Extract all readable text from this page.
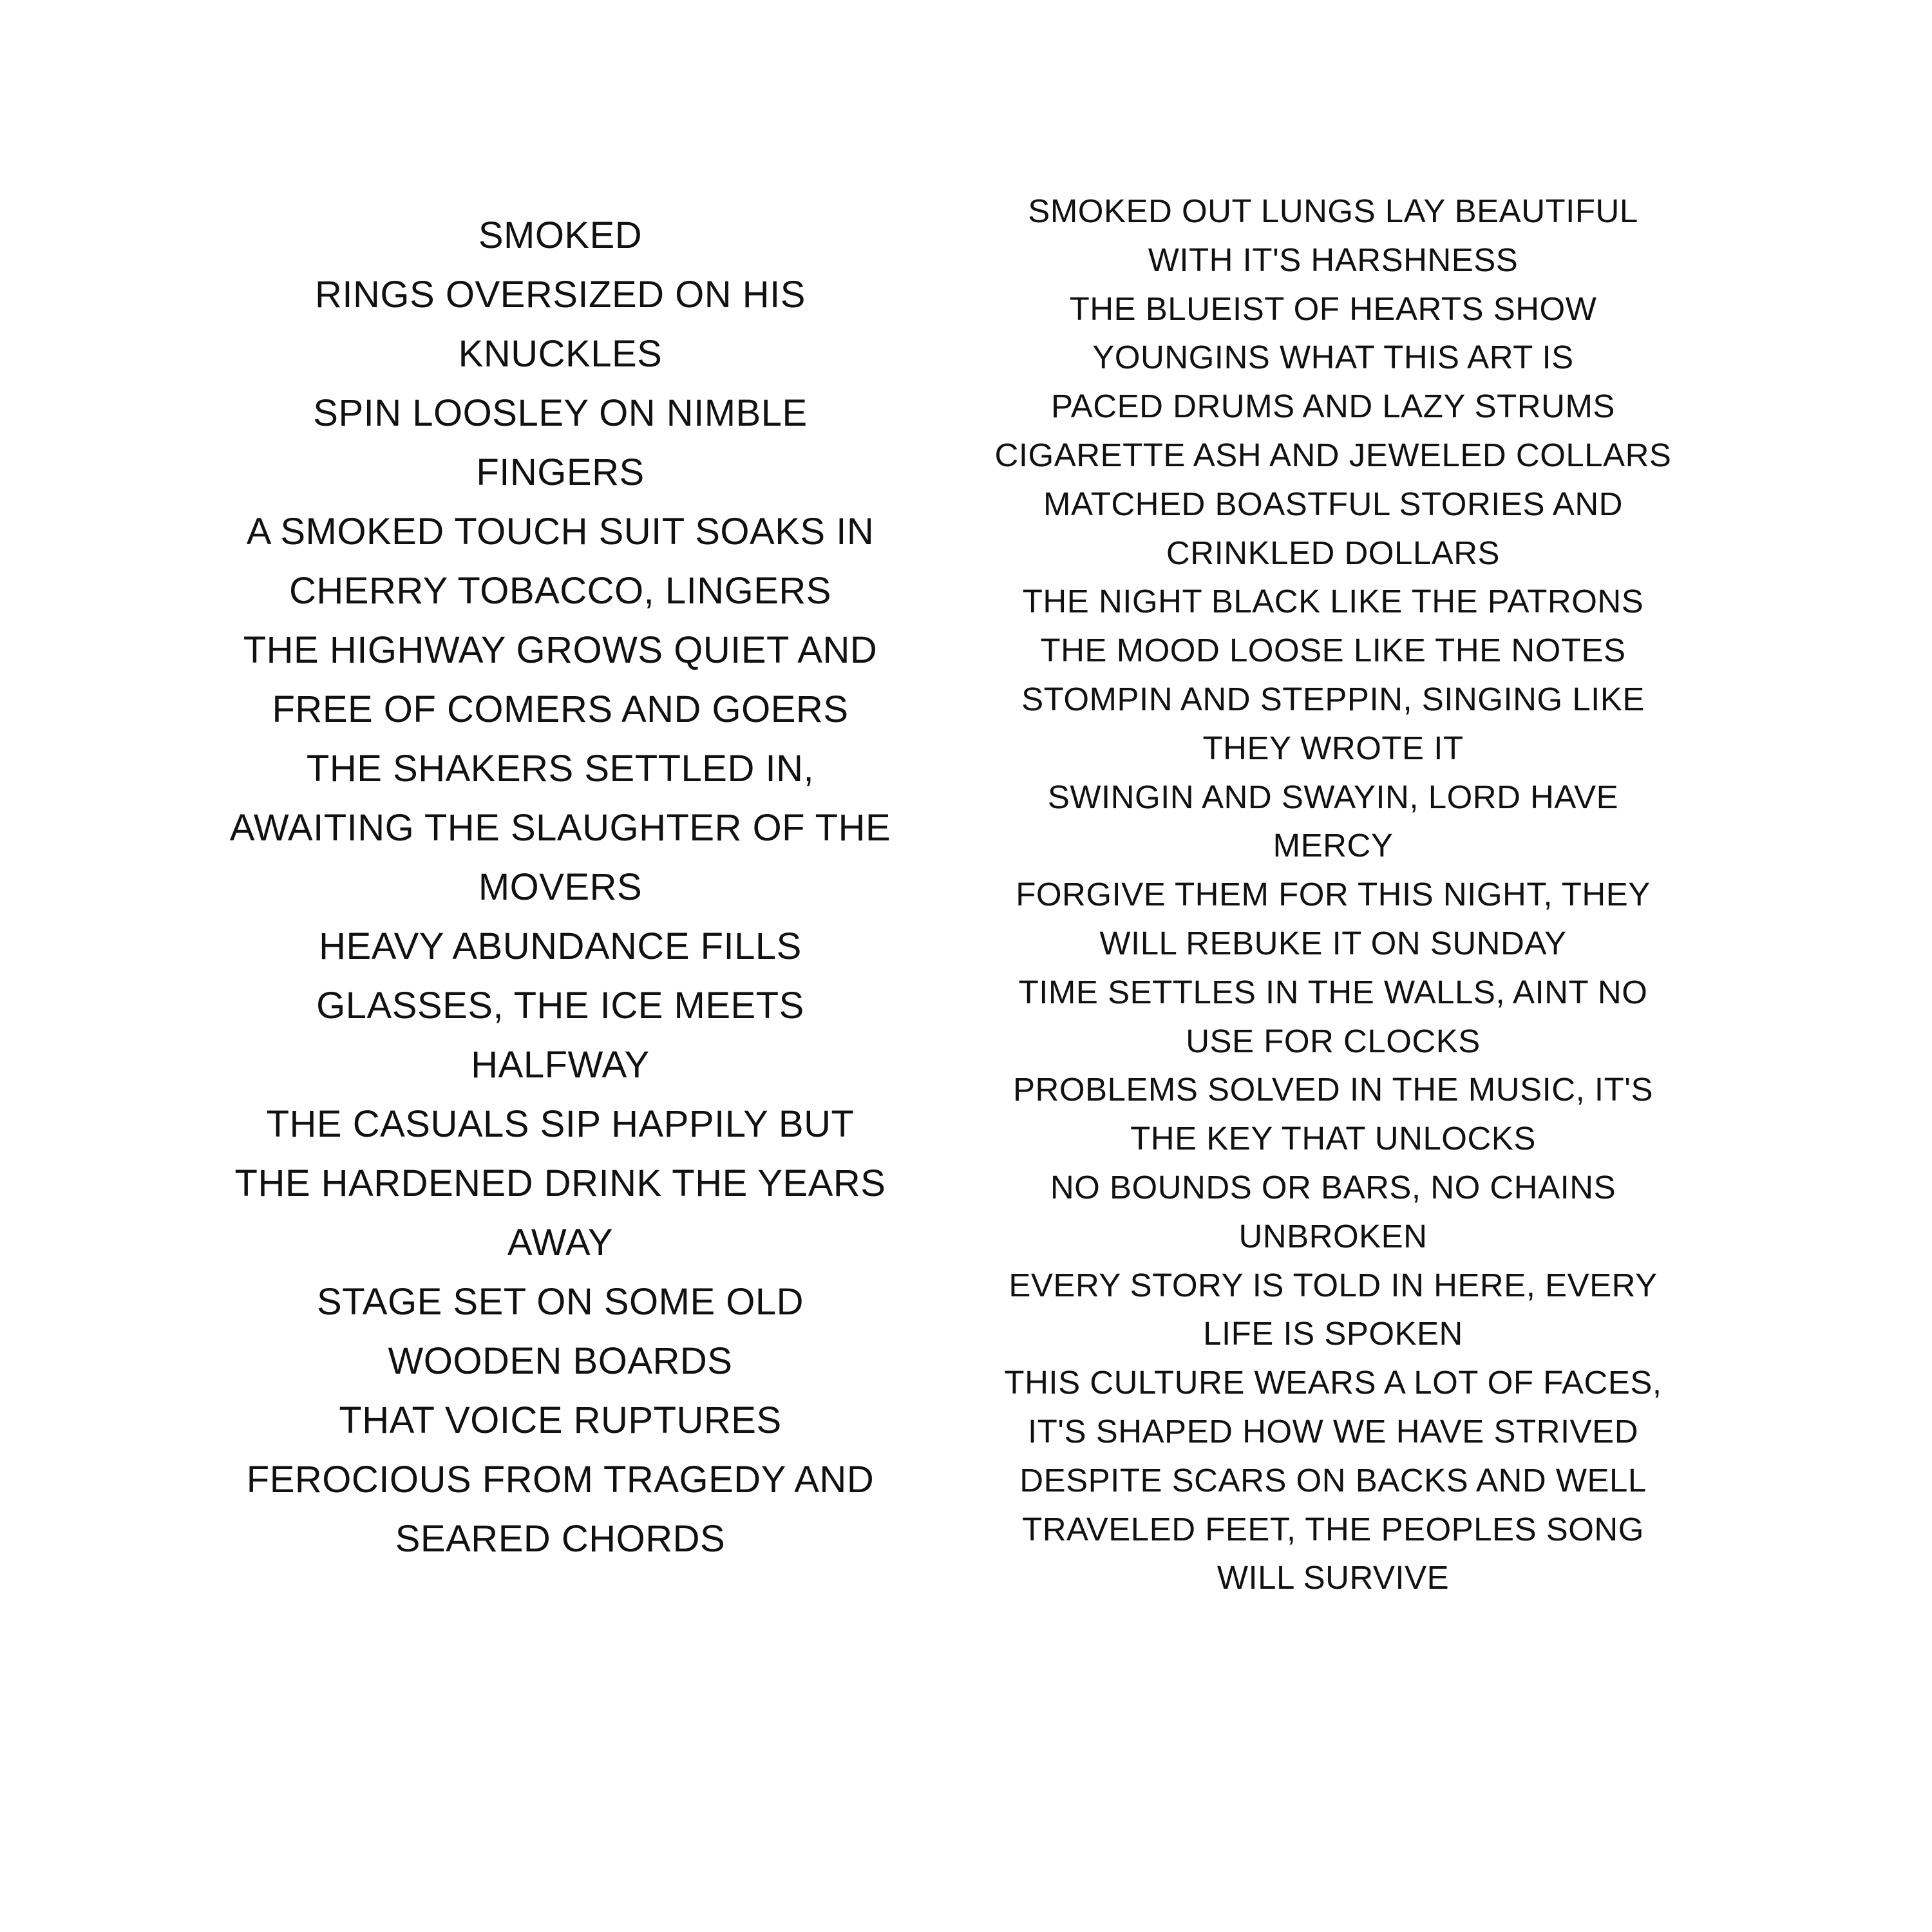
SMOKED
RINGS OVERSIZED ON HIS
KNUCKLES
SPIN LOOSLEY ON NIMBLE
FINGERS
A SMOKED TOUCH SUIT SOAKS IN
CHERRY TOBACCO, LINGERS
THE HIGHWAY GROWS QUIET AND
FREE OF COMERS AND GOERS
THE SHAKERS SETTLED IN,
AWAITING THE SLAUGHTER OF THE
MOVERS
HEAVY ABUNDANCE FILLS
GLASSES, THE ICE MEETS
HALFWAY
THE CASUALS SIP HAPPILY BUT
THE HARDENED DRINK THE YEARS
AWAY
STAGE SET ON SOME OLD
WOODEN BOARDS
THAT VOICE RUPTURES
FEROCIOUS FROM TRAGEDY AND
SEARED CHORDS
SMOKED OUT LUNGS LAY BEAUTIFUL
WITH IT'S HARSHNESS
THE BLUEIST OF HEARTS SHOW
YOUNGINS WHAT THIS ART IS
PACED DRUMS AND LAZY STRUMS
CIGARETTE ASH AND JEWELED COLLARS
MATCHED BOASTFUL STORIES AND
CRINKLED DOLLARS
THE NIGHT BLACK LIKE THE PATRONS
THE MOOD LOOSE LIKE THE NOTES
STOMPIN AND STEPPIN, SINGING LIKE
THEY WROTE IT
SWINGIN AND SWAYIN, LORD HAVE
MERCY
FORGIVE THEM FOR THIS NIGHT, THEY
WILL REBUKE IT ON SUNDAY
TIME SETTLES IN THE WALLS, AINT NO
USE FOR CLOCKS
PROBLEMS SOLVED IN THE MUSIC, IT'S
THE KEY THAT UNLOCKS
NO BOUNDS OR BARS, NO CHAINS
UNBROKEN
EVERY STORY IS TOLD IN HERE, EVERY
LIFE IS SPOKEN
THIS CULTURE WEARS A LOT OF FACES,
IT'S SHAPED HOW WE HAVE STRIVED
DESPITE SCARS ON BACKS AND WELL
TRAVELED FEET, THE PEOPLES SONG
WILL SURVIVE
